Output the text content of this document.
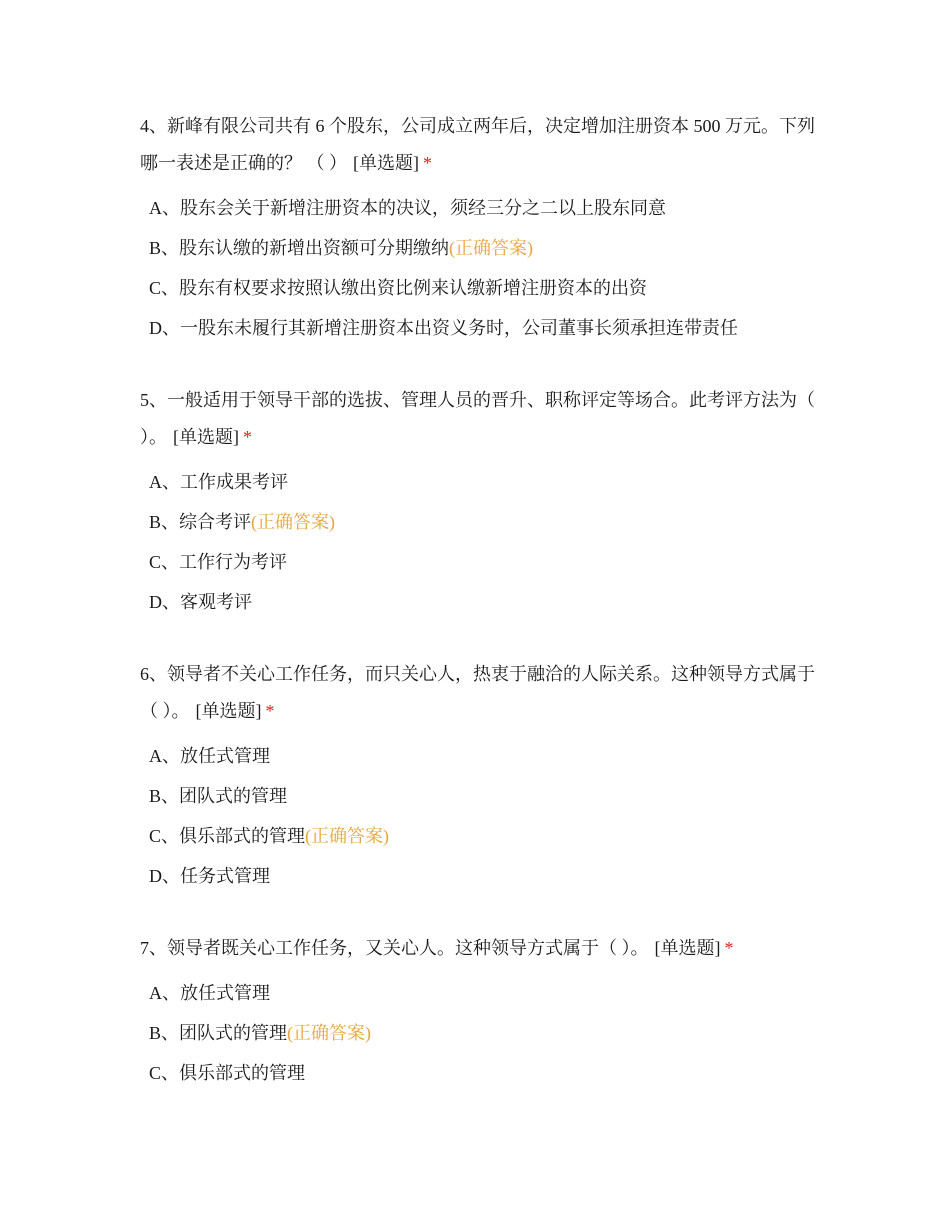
4、新峰有限公司共有 6 个股东，公司成立两年后，决定增加注册资本 500 万元。下列哪一表述是正确的？ （ ） [单选题] *

A、股东会关于新增注册资本的决议，须经三分之二以上股东同意
B、股东认缴的新增出资额可分期缴纳(正确答案)
C、股东有权要求按照认缴出资比例来认缴新增注册资本的出资
D、一股东未履行其新增注册资本出资义务时，公司董事长须承担连带责任

5、一般适用于领导干部的选拔、管理人员的晋升、职称评定等场合。此考评方法为（ ）。 [单选题] *

A、工作成果考评
B、综合考评(正确答案)
C、工作行为考评
D、客观考评

6、领导者不关心工作任务，而只关心人，热衷于融洽的人际关系。这种领导方式属于（ ）。 [单选题] *

A、放任式管理
B、团队式的管理
C、俱乐部式的管理(正确答案)
D、任务式管理

7、领导者既关心工作任务，又关心人。这种领导方式属于（ ）。 [单选题] *

A、放任式管理
B、团队式的管理(正确答案)
C、俱乐部式的管理
